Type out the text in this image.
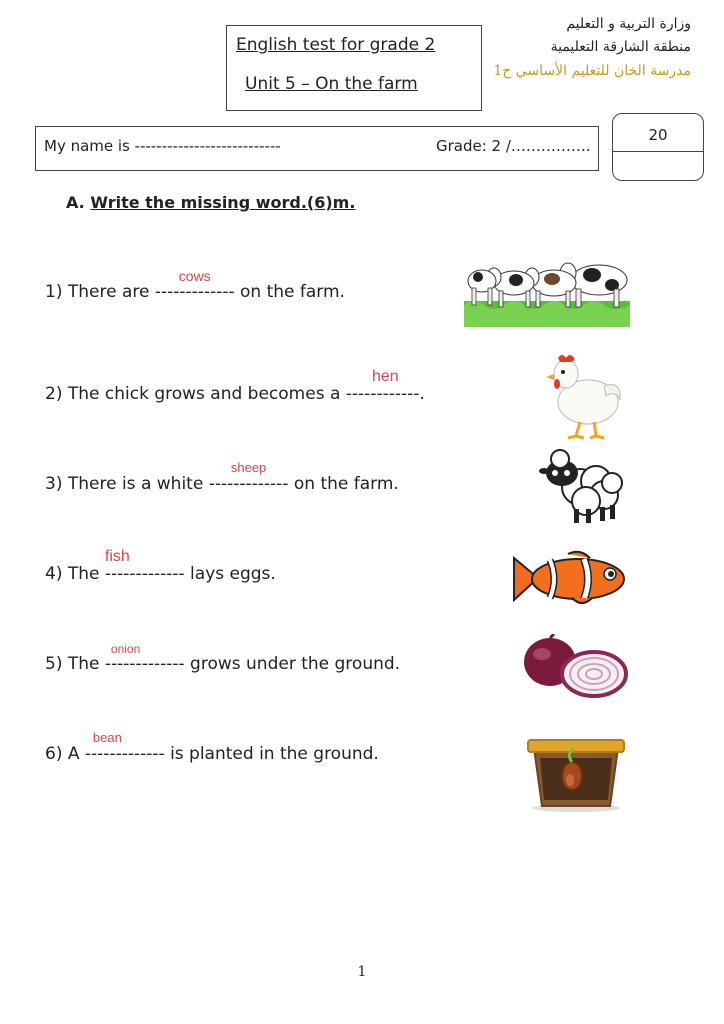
English test for grade 2
Unit 5 – On the farm
وزارة التربية و التعليم
منطقة الشارقة التعليمية
مدرسة الخان للتعليم الأساسي ح1
My name is ---------------------------	Grade: 2 /…………….
20
A. Write the missing word.(6)m.
1) There are
cows
------------- on the farm.
2) The chick grows and becomes a
hen
------------.
3) There is a white
sheep
------------- on the farm.
4) The
fish
------------- lays eggs.
5) The
onion
------------- grows under the ground.
6) A
bean
------------- is planted in the ground.
1
